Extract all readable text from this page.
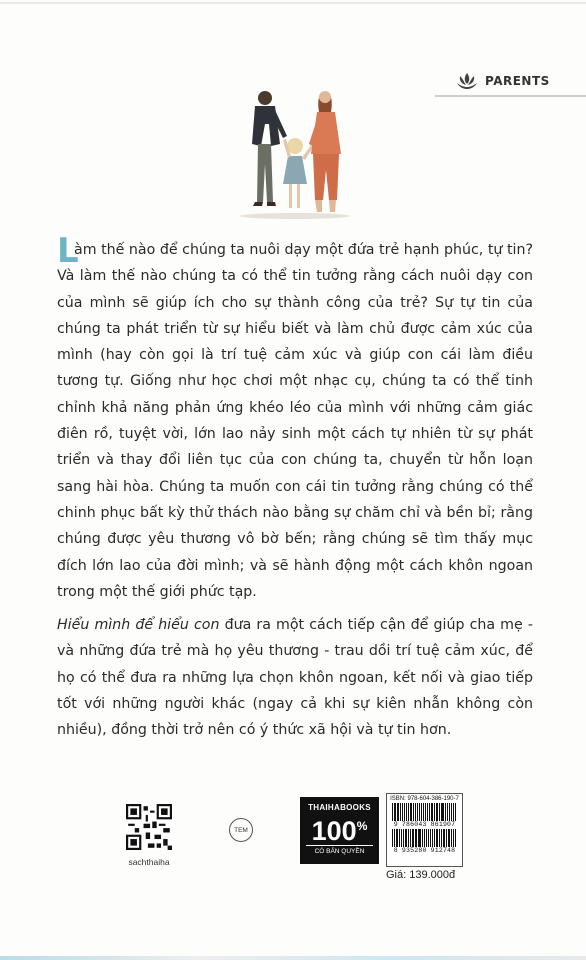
PARENTS

L
àm thế nào để chúng ta nuôi dạy một đứa trẻ hạnh phúc, tự tin? Và làm thế nào chúng ta có thể tin tưởng rằng cách nuôi dạy con của mình sẽ giúp ích cho sự thành công của trẻ? Sự tự tin của chúng ta phát triển từ sự hiểu biết và làm chủ được cảm xúc của mình (hay còn gọi là trí tuệ cảm xúc và giúp con cái làm điều tương tự. Giống như học chơi một nhạc cụ, chúng ta có thể tinh chỉnh khả năng phản ứng khéo léo của mình với những cảm giác điên rồ, tuyệt vời, lớn lao nảy sinh một cách tự nhiên từ sự phát triển và thay đổi liên tục của con chúng ta, chuyển từ hỗn loạn sang hài hòa. Chúng ta muốn con cái tin tưởng rằng chúng có thể chinh phục bất kỳ thử thách nào bằng sự chăm chỉ và bền bỉ; rằng chúng được yêu thương vô bờ bến; rằng chúng sẽ tìm thấy mục đích lớn lao của đời mình; và sẽ hành động một cách khôn ngoan trong một thế giới phức tạp.

Hiểu mình để hiểu con đưa ra một cách tiếp cận để giúp cha mẹ - và những đứa trẻ mà họ yêu thương - trau dồi trí tuệ cảm xúc, để họ có thể đưa ra những lựa chọn khôn ngoan, kết nối và giao tiếp tốt với những người khác (ngay cả khi sự kiên nhẫn không còn nhiều), đồng thời trở nên có ý thức xã hội và tự tin hơn.

sachthaiha
TEM
THAIHABOOKS
100%
CÓ BẢN QUYỀN
ISBN: 978-604-386-190-7
9 786043 861907
8 935280 912748
Giá: 139.000đ
